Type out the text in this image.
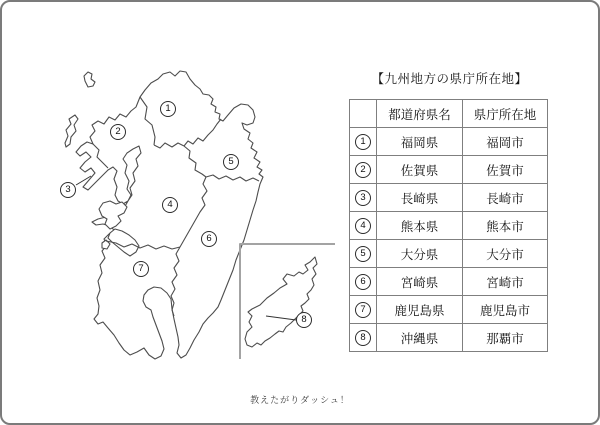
1
2
3
4
5
6
7
8
【九州地方の県庁所在地】
	都道府県名	県庁所在地
1	福岡県	福岡市
2	佐賀県	佐賀市
3	長崎県	長崎市
4	熊本県	熊本市
5	大分県	大分市
6	宮崎県	宮崎市
7	鹿児島県	鹿児島市
8	沖縄県	那覇市
教えたがりダッシュ！
